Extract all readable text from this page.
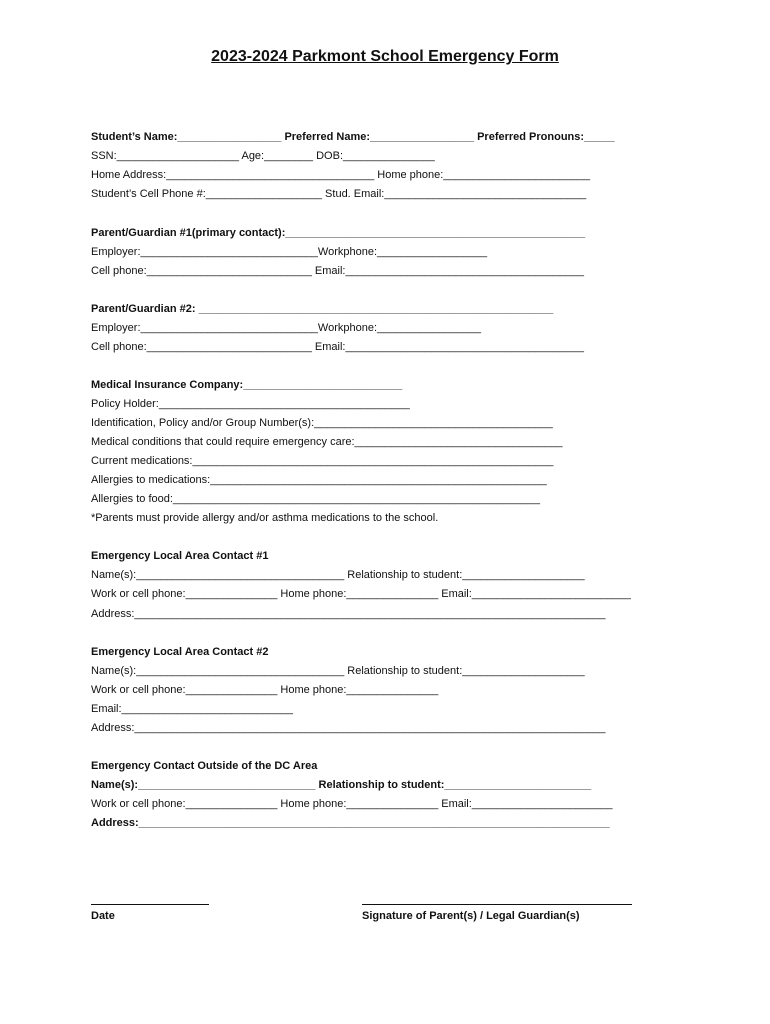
2023-2024 Parkmont School Emergency Form
Student’s Name:_________________ Preferred Name:_________________ Preferred Pronouns:_____
SSN:____________________ Age:________ DOB:_______________
Home Address:__________________________________ Home phone:________________________
Student’s Cell Phone #:___________________ Stud. Email:_________________________________
Parent/Guardian #1(primary contact):_________________________________________________
Employer:_____________________________Workphone:__________________
Cell phone:___________________________ Email:_______________________________________
Parent/Guardian #2: __________________________________________________________
Employer:_____________________________Workphone:_________________
Cell phone:___________________________ Email:_______________________________________
Medical Insurance Company:__________________________
Policy Holder:_________________________________________
Identification, Policy and/or Group Number(s):_______________________________________
Medical conditions that could require emergency care:__________________________________
Current medications:___________________________________________________________
Allergies to medications:_______________________________________________________
Allergies to food:____________________________________________________________
*Parents must provide allergy and/or asthma medications to the school.
Emergency Local Area Contact #1
Name(s):__________________________________ Relationship to student:____________________
Work or cell phone:_______________ Home phone:_______________ Email:__________________________
Address:_____________________________________________________________________________
Emergency Local Area Contact #2
Name(s):__________________________________ Relationship to student:____________________
Work or cell phone:_______________ Home phone:_______________
Email:____________________________
Address:_____________________________________________________________________________
Emergency Contact Outside of the DC Area
Name(s):_____________________________ Relationship to student:________________________
Work or cell phone:_______________ Home phone:_______________ Email:_______________________
Address:_____________________________________________________________________________
Date	Signature of Parent(s) / Legal Guardian(s)
